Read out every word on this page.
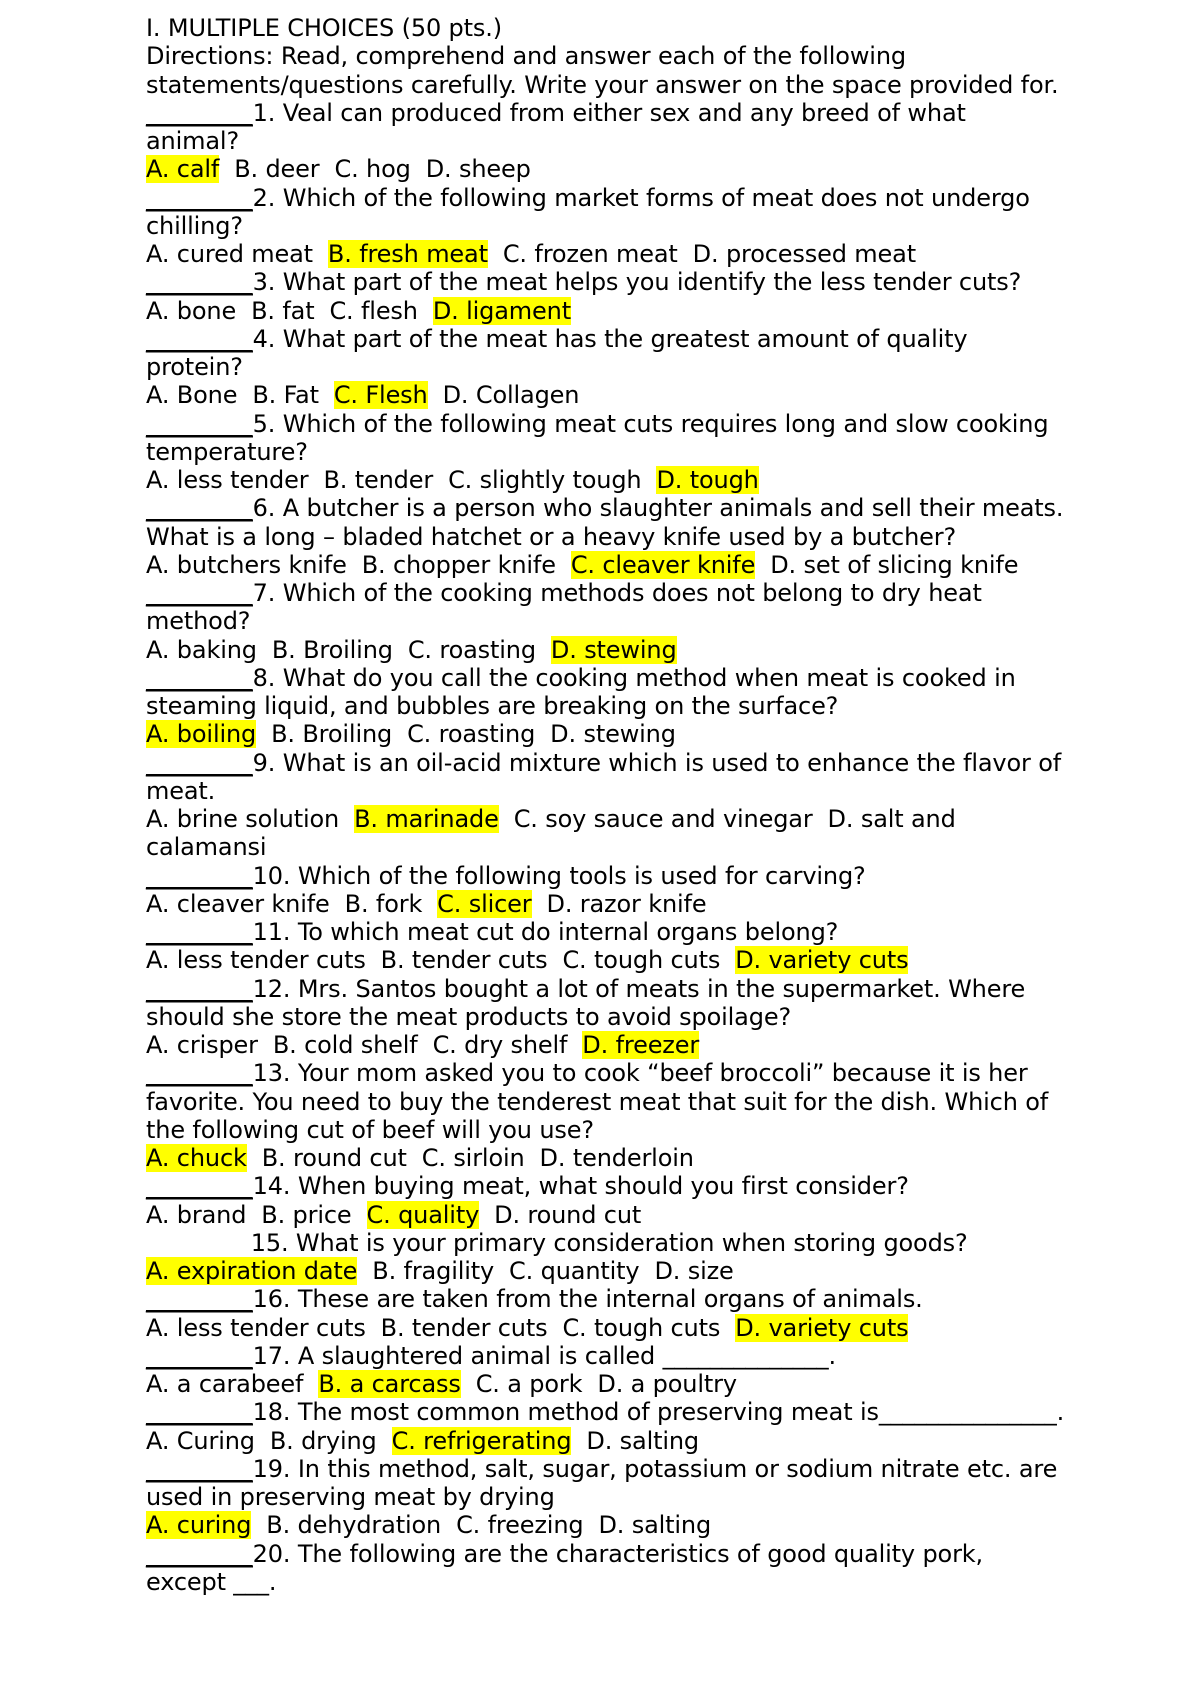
I. MULTIPLE CHOICES (50 pts.)
Directions: Read, comprehend and answer each of the following statements/questions carefully. Write your answer on the space provided for.
_________1. Veal can produced from either sex and any breed of what animal?
A. calf B. deer C. hog D. sheep
_________2. Which of the following market forms of meat does not undergo chilling?
A. cured meat B. fresh meat C. frozen meat D. processed meat
_________3. What part of the meat helps you identify the less tender cuts?
A. bone B. fat C. flesh D. ligament
_________4. What part of the meat has the greatest amount of quality protein?
A. Bone B. Fat C. Flesh D. Collagen
_________5. Which of the following meat cuts requires long and slow cooking temperature?
A. less tender B. tender C. slightly tough D. tough
_________6. A butcher is a person who slaughter animals and sell their meats. What is a long – bladed hatchet or a heavy knife used by a butcher?
A. butchers knife B. chopper knife C. cleaver knife D. set of slicing knife
_________7. Which of the cooking methods does not belong to dry heat method?
A. baking B. Broiling C. roasting D. stewing
_________8. What do you call the cooking method when meat is cooked in steaming liquid, and bubbles are breaking on the surface?
A. boiling B. Broiling C. roasting D. stewing
_________9. What is an oil-acid mixture which is used to enhance the flavor of meat.
A. brine solution B. marinade C. soy sauce and vinegar D. salt and calamansi
_________10. Which of the following tools is used for carving?
A. cleaver knife B. fork C. slicer D. razor knife
_________11. To which meat cut do internal organs belong?
A. less tender cuts B. tender cuts C. tough cuts D. variety cuts
_________12. Mrs. Santos bought a lot of meats in the supermarket. Where should she store the meat products to avoid spoilage?
A. crisper B. cold shelf C. dry shelf D. freezer
_________13. Your mom asked you to cook “beef broccoli” because it is her favorite. You need to buy the tenderest meat that suit for the dish. Which of the following cut of beef will you use?
A. chuck B. round cut C. sirloin D. tenderloin
_________14. When buying meat, what should you first consider?
A. brand B. price C. quality D. round cut
15. What is your primary consideration when storing goods?
A. expiration date B. fragility C. quantity D. size
_________16. These are taken from the internal organs of animals.
A. less tender cuts B. tender cuts C. tough cuts D. variety cuts
_________17. A slaughtered animal is called ______________.
A. a carabeef B. a carcass C. a pork D. a poultry
_________18. The most common method of preserving meat is_______________.
A. Curing B. drying C. refrigerating D. salting
_________19. In this method, salt, sugar, potassium or sodium nitrate etc. are used in preserving meat by drying
A. curing B. dehydration C. freezing D. salting
_________20. The following are the characteristics of good quality pork, except ___.
